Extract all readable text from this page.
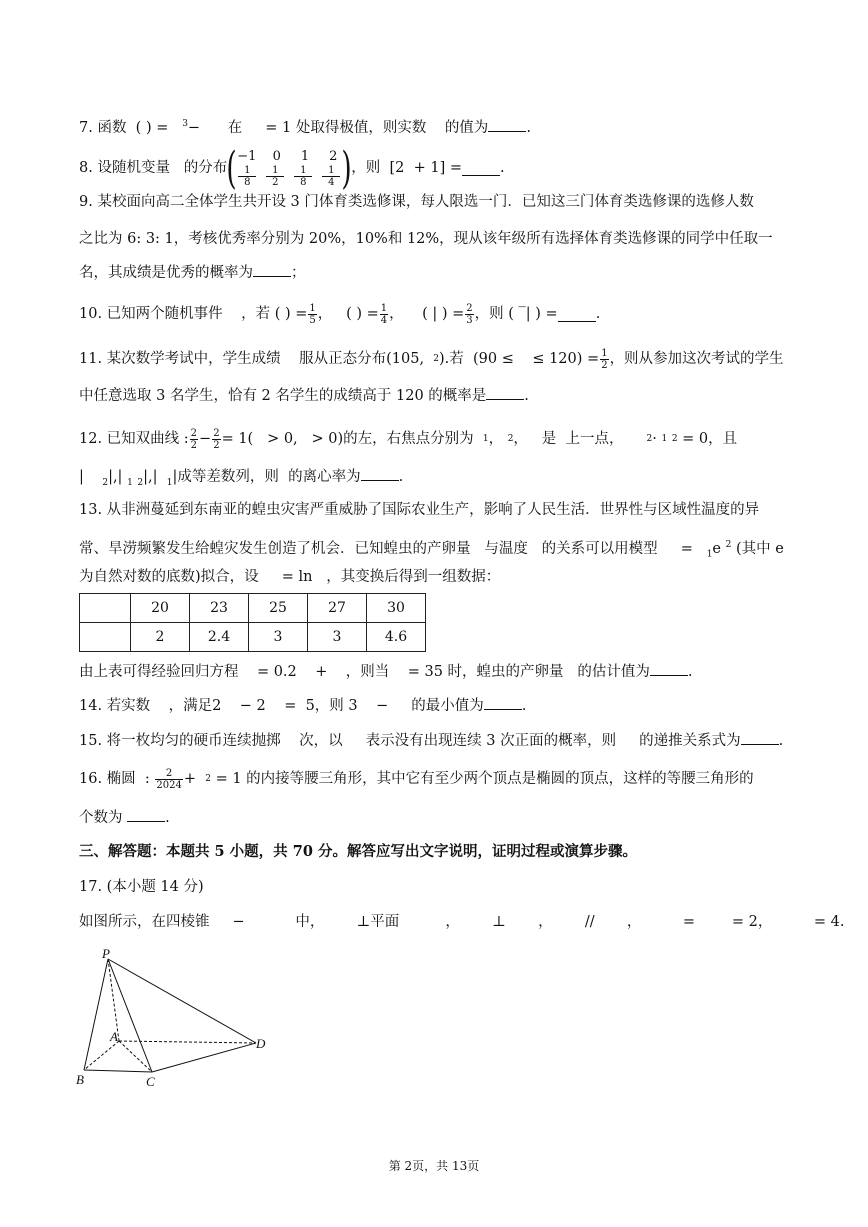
7. 函数 ( ) = $^3$− 在 = 1 处取得极值，则实数 的值为	.
8. 设随机变量
的分布 ( −1 0 1 2
$\frac{1}{8} \frac{1}{2} \frac{1}{8} \frac{1}{4}$ ) ，则
[2
+ 1] =	.
9. 某校面向高二全体学生共开设 3 门体育类选修课，每人限选一门．已知这三门体育类选修课的选修人数
之比为 6: 3: 1，考核优秀率分别为 20%，10%和 12%，现从该年级所有选择体育类选修课的同学中任取一
名，其成绩是优秀的概率为	；
10. 已知两个随机事件
，若
( ) = $\frac{1}{5}$ ，
( ) = $\frac{1}{4}$ ，
( | ) = $\frac{2}{3}$ ，则
( ‾| ) =	.
11. 某次数学考试中，学生成绩
服从正态分布(105,
2 ).若
(90 ≤
≤ $120) = \frac{1}{2}$ ，则从参加这次考试的学生
中任意选取 3 名学生，恰有 2 名学生的成绩高于 120 的概率是	.
12. 已知双曲线
: $\frac{2}{2} - \frac{2}{2} = 1$(
> 0,
> 0)的左，右焦点分别为
1 ，
2 ，
是
上一点，
	2 ·
1
2
= 0，且
| $_2$|,| $_1$ $_2$|,| $_1$|成等差数列，则 的离心率为	.
13. 从非洲蔓延到东南亚的蝗虫灾害严重威胁了国际农业生产，影响了人民生活．世界性与区域性温度的异
常、旱涝频繁发生给蝗灾发生创造了机会．已知蝗虫的产卵量 与温度 的关系可以用模型 = $_1$e $^2$ (其中 e
为自然对数的底数)拟合，设 = ln ，其变换后得到一组数据：
	20	23	25	27	30
	2	2.4	3	3	4.6
由上表可得经验回归方程 = 0.2 + ，则当 = 35 时，蝗虫的产卵量 的估计值为	.
14. 若实数 ，满足2 − 2 = 5，则 3 − 的最小值为	.
15. 将一枚均匀的硬币连续抛掷 次，以 表示没有出现连续 3 次正面的概率，则 的递推关系式为	.
16. 椭圆
:
$\frac{2}{2024}$ +
2
= 1 的内接等腰三角形，其中它有至少两个顶点是椭圆的顶点，这样的等腰三角形的
个数为	.
三、解答题：本题共 5 小题，共 70 分。解答应写出文字说明，证明过程或演算步骤。
17. (本小题 14 分)
如图所示，在四棱锥 −	中， ⊥平面	， ⊥ ， // ，	=	= 2，	= 4.
P
A
B	C
D
第 2页，共 13页
